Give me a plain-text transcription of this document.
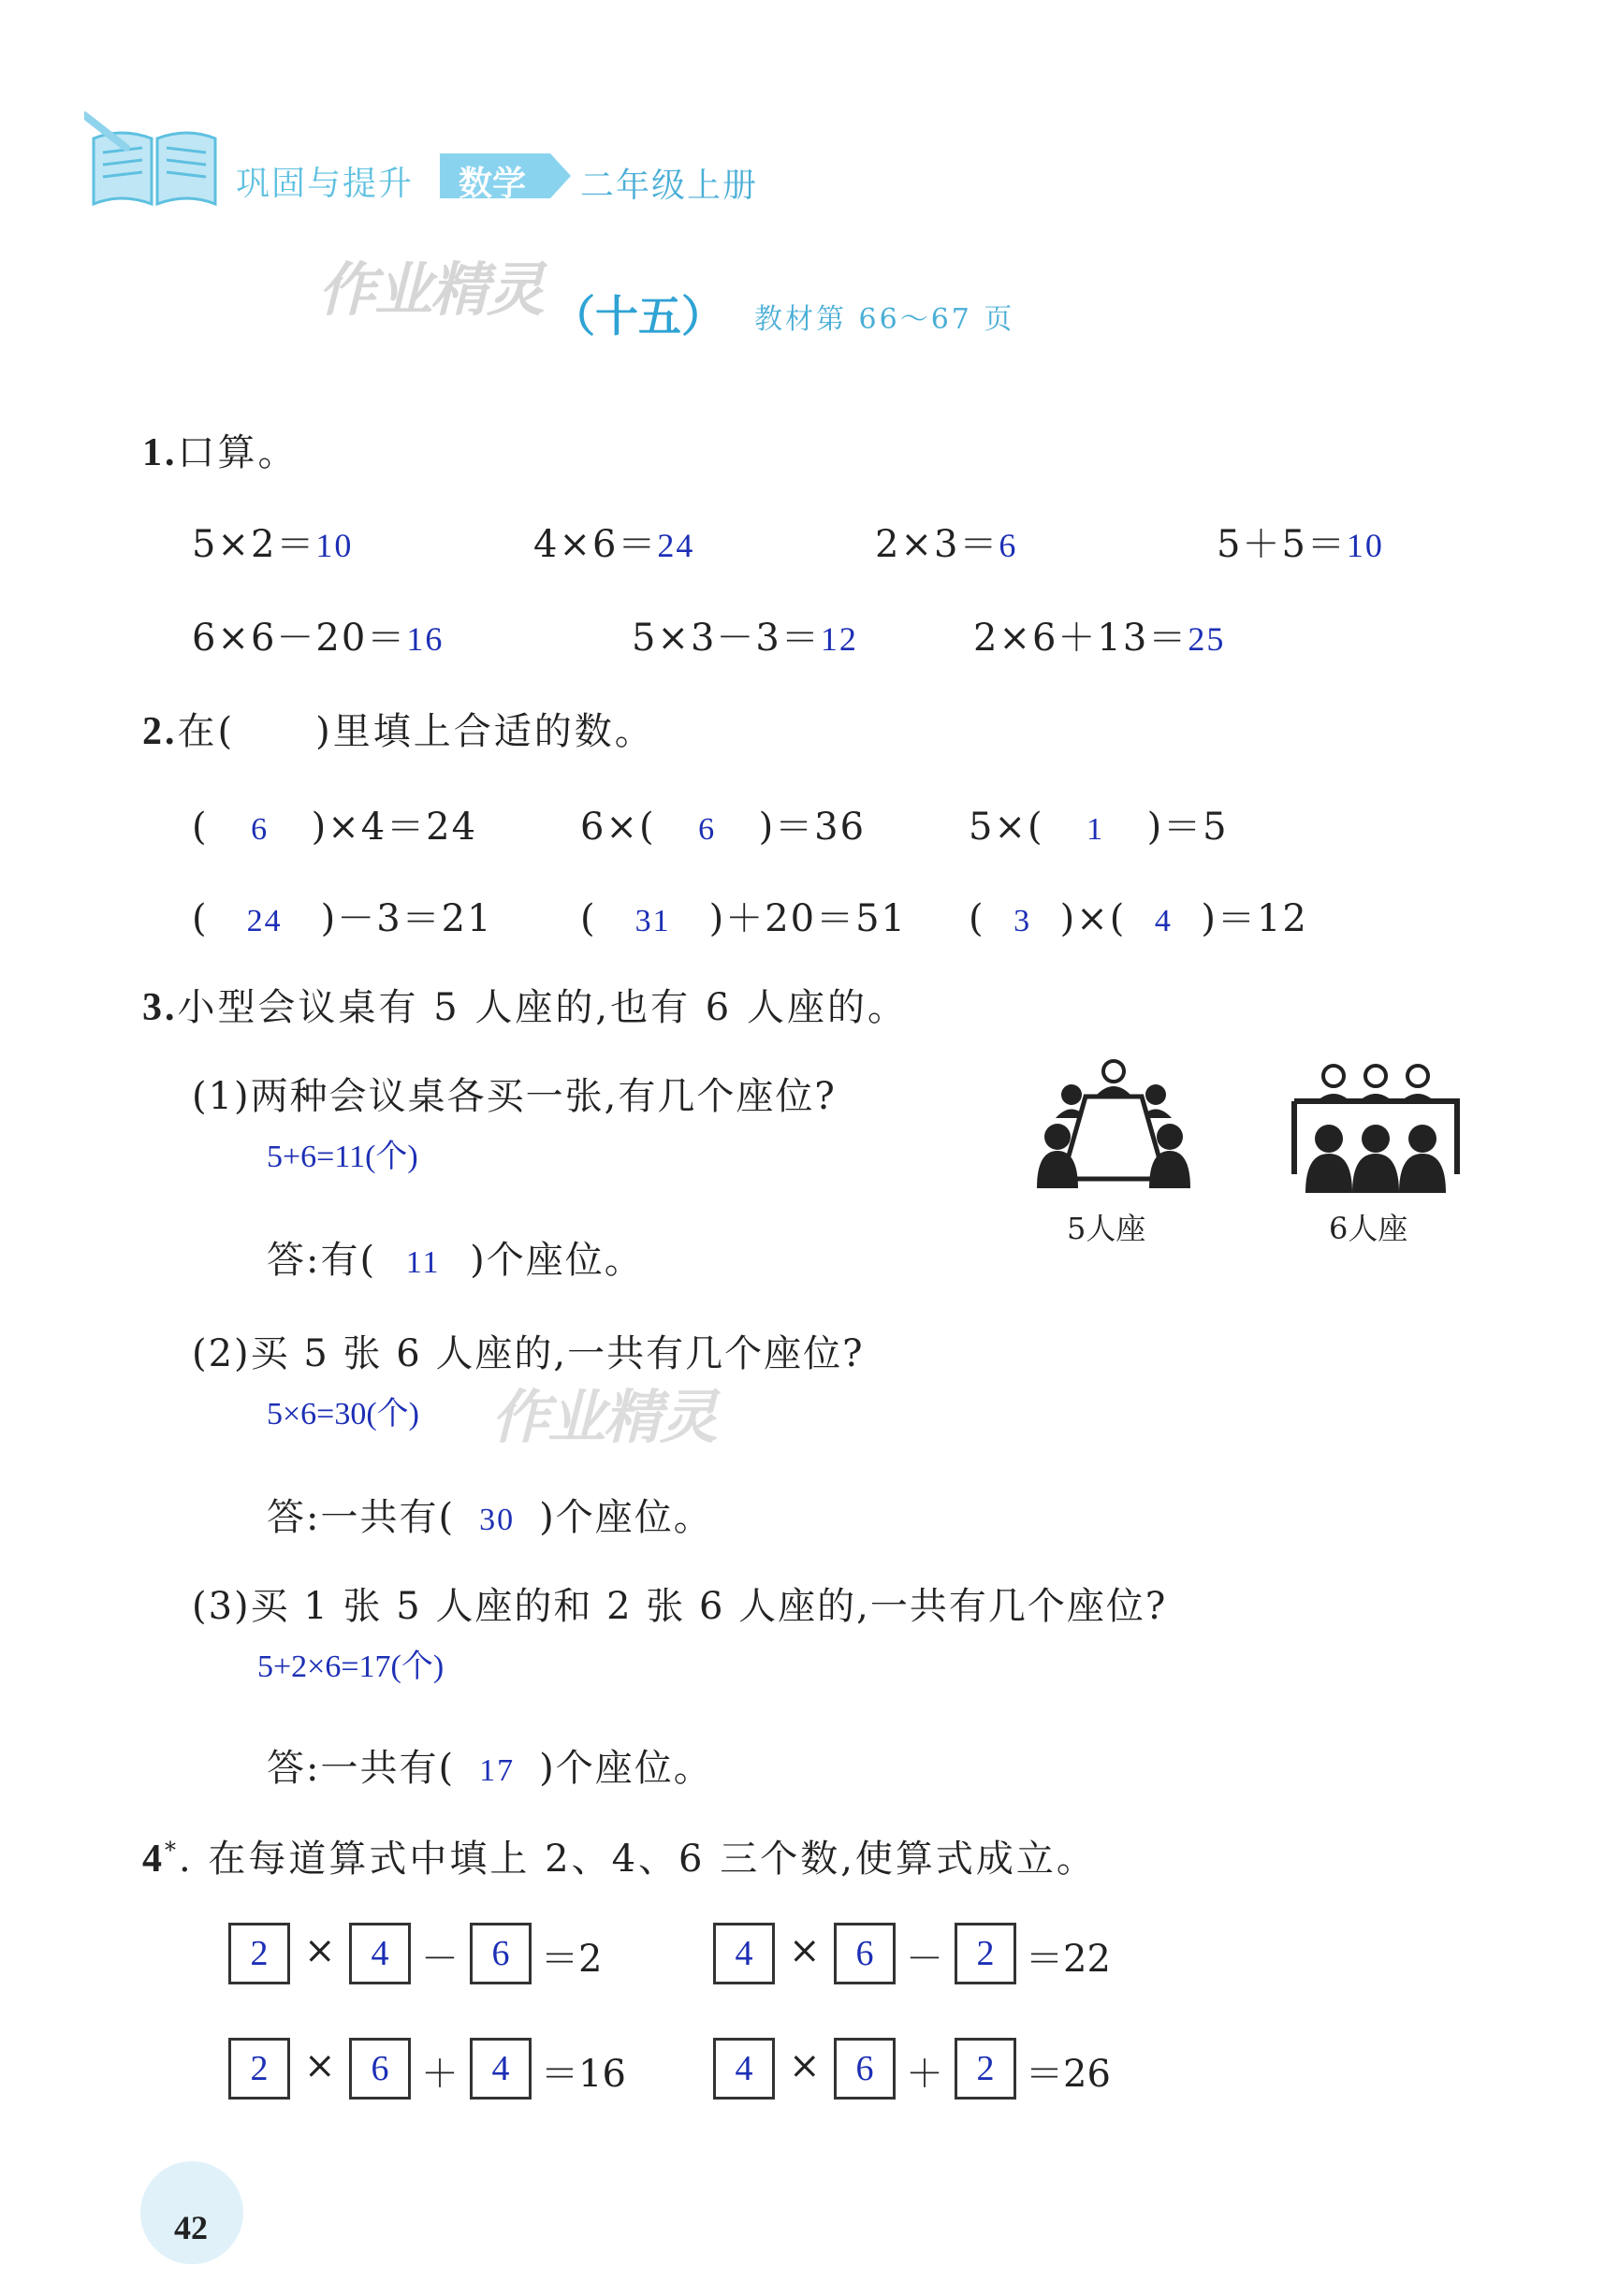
巩固与提升 数学 二年级上册
作业精灵 （十五） 教材第 66～67 页
1.口算。
5×2＝10	4×6＝24	2×3＝6	5＋5＝10
6×6－20＝16	5×3－3＝12	2×6＋13＝25
2.在(　　)里填上合适的数。
( 6 )×4＝24	6×( 6 )＝36	5×( 1 )＝5
( 24 )－3＝21 ( 31 )＋20＝51 ( 3 )×( 4 )＝12
3.小型会议桌有 5 人座的,也有 6 人座的。
5人座	6人座
(1)两种会议桌各买一张,有几个座位?
5+6=11(个)
答:有( 11 )个座位。
(2)买 5 张 6 人座的,一共有几个座位?
5×6=30(个) 作业精灵
答:一共有( 30 )个座位。
(3)买 1 张 5 人座的和 2 张 6 人座的,一共有几个座位?
5+2×6=17(个)
答:一共有( 17 )个座位。
4*. 在每道算式中填上 2、4、6 三个数,使算式成立。
2 × 4 － 6 ＝2	4 × 6 － 2 ＝22
2 × 6 ＋ 4 ＝16	4 × 6 ＋ 2 ＝26
42
